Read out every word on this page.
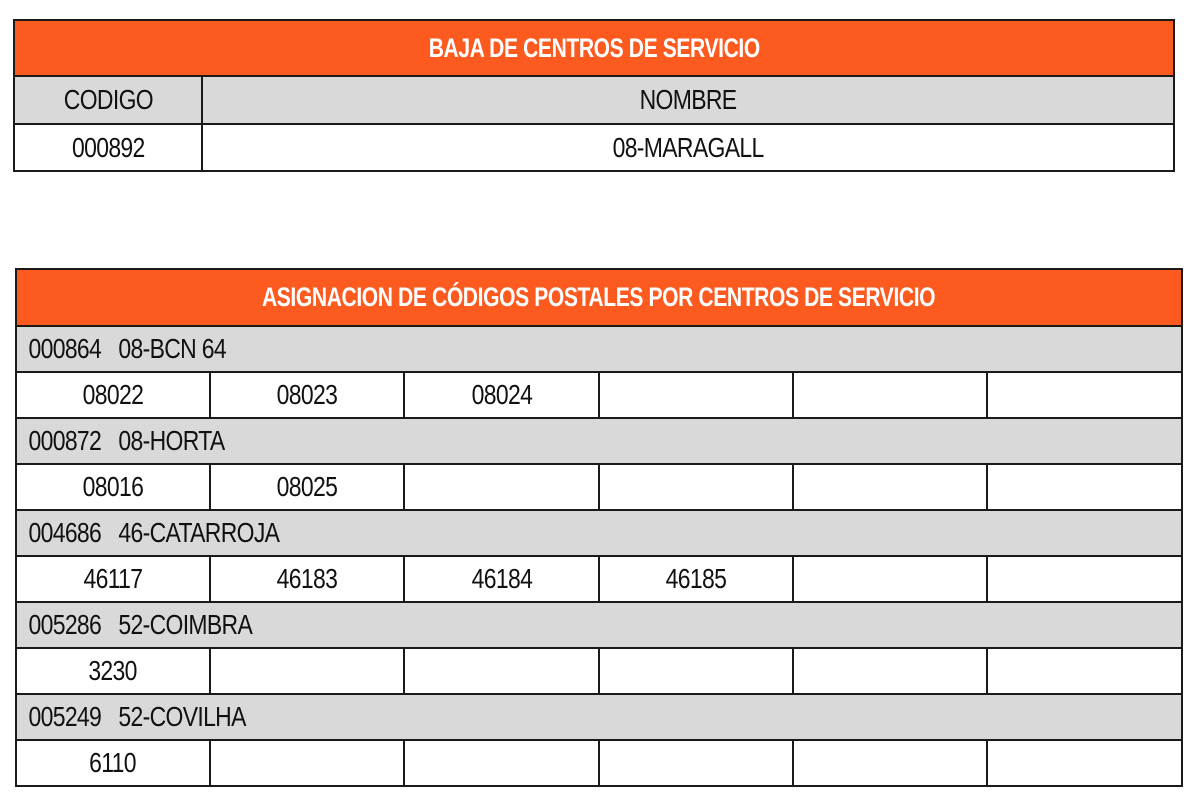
BAJA DE CENTROS DE SERVICIO	
CODIGO	NOMBRE
000892	08-MARAGALL
ASIGNACION DE CÓDIGOS POSTALES POR CENTROS DE SERVICIO					
000864 08-BCN 64					
08022	08023	08024			
000872 08-HORTA					
08016	08025				
004686 46-CATARROJA					
46117	46183	46184	46185		
005286 52-COIMBRA					
3230					
005249 52-COVILHA					
6110					
